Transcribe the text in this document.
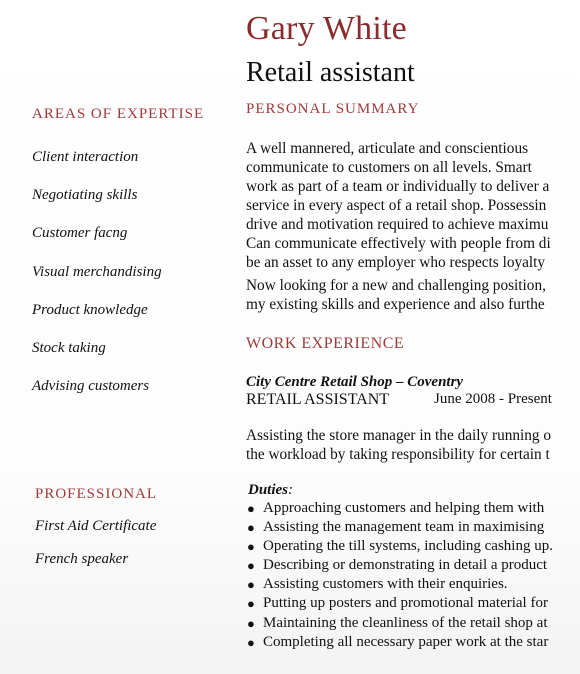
Gary White
Retail assistant
AREAS OF EXPERTISE
Client interaction
Negotiating skills
Customer facng
Visual merchandising
Product knowledge
Stock taking
Advising customers
PROFESSIONAL
First Aid Certificate
French speaker
PERSONAL SUMMARY

A well mannered, articulate and conscientious
communicate to customers on all levels. Smart
work as part of a team or individually to deliver a
service in every aspect of a retail shop. Possessin
drive and motivation required to achieve maximu
Can communicate effectively with people from di
be an asset to any employer who respects loyalty

Now looking for a new and challenging position,
my existing skills and experience and also furthe

WORK EXPERIENCE
City Centre Retail Shop – Coventry
RETAIL ASSISTANT	June 2008 - Present
Assisting the store manager in the daily running o
the workload by taking responsibility for certain t
Duties:
● Approaching customers and helping them with
● Assisting the management team in maximising
● Operating the till systems, including cashing up.
● Describing or demonstrating in detail a product
● Assisting customers with their enquiries.
● Putting up posters and promotional material for
● Maintaining the cleanliness of the retail shop at
● Completing all necessary paper work at the star
